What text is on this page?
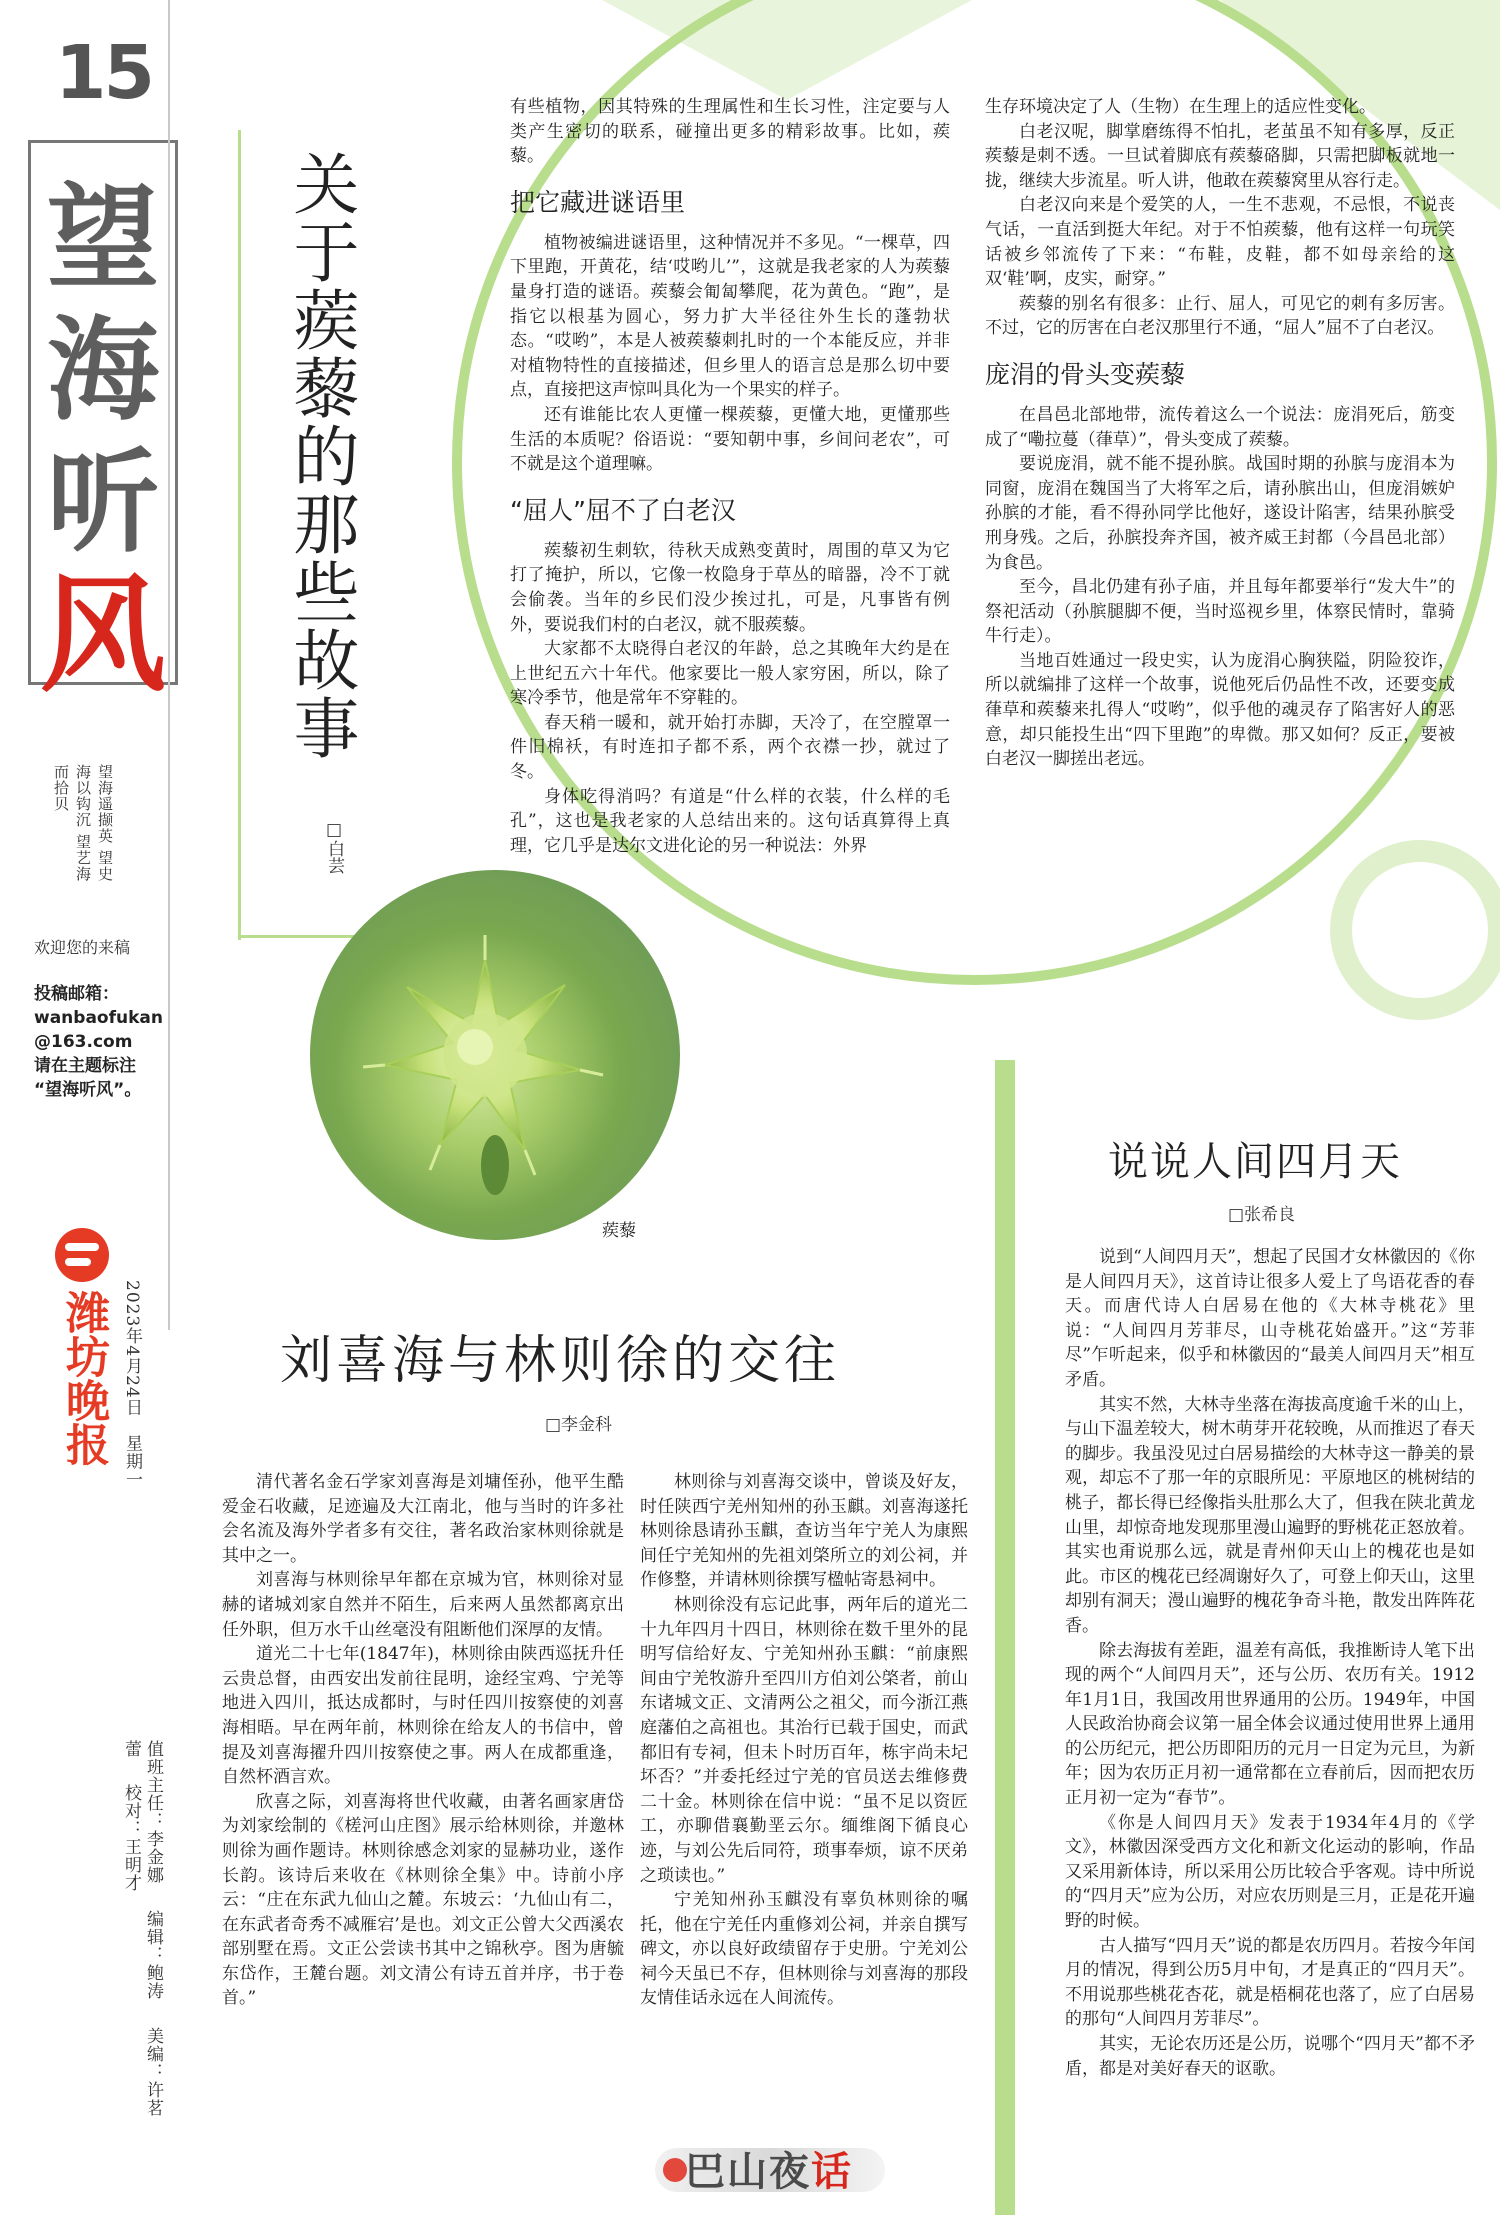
15
望
海
听
风
望海遥撷英 望史海以钩沉 望艺海而拾贝
欢迎您的来稿
投稿邮箱：
wanbaofukan
@163.com
请在主题标注
“望海听风”。
潍坊晚报 2023年4月24日　星期一
值班主任：李金娜 编辑：鲍涛 美编：许茗蕾 校对：王明才
关于蒺藜的那些故事
□白芸

有些植物，因其特殊的生理属性和生长习性，注定要与人类产生密切的联系，碰撞出更多的精彩故事。比如，蒺藜。

把它藏进谜语里

植物被编进谜语里，这种情况并不多见。“一棵草，四下里跑，开黄花，结‘哎哟儿’”，这就是我老家的人为蒺藜量身打造的谜语。蒺藜会匍匐攀爬，花为黄色。“跑”，是指它以根基为圆心，努力扩大半径往外生长的蓬勃状态。“哎哟”，本是人被蒺藜刺扎时的一个本能反应，并非对植物特性的直接描述，但乡里人的语言总是那么切中要点，直接把这声惊叫具化为一个果实的样子。

还有谁能比农人更懂一棵蒺藜，更懂大地，更懂那些生活的本质呢？俗语说：“要知朝中事，乡间问老农”，可不就是这个道理嘛。

“屈人”屈不了白老汉

蒺藜初生刺软，待秋天成熟变黄时，周围的草又为它打了掩护，所以，它像一枚隐身于草丛的暗器，冷不丁就会偷袭。当年的乡民们没少挨过扎，可是，凡事皆有例外，要说我们村的白老汉，就不服蒺藜。

大家都不太晓得白老汉的年龄，总之其晚年大约是在上世纪五六十年代。他家要比一般人家穷困，所以，除了寒冷季节，他是常年不穿鞋的。

春天稍一暖和，就开始打赤脚，天冷了，在空膛罩一件旧棉袄，有时连扣子都不系，两个衣襟一抄，就过了冬。

身体吃得消吗？有道是“什么样的衣装，什么样的毛孔”，这也是我老家的人总结出来的。这句话真算得上真理，它几乎是达尔文进化论的另一种说法：外界

生存环境决定了人（生物）在生理上的适应性变化。

白老汉呢，脚掌磨练得不怕扎，老茧虽不知有多厚，反正蒺藜是刺不透。一旦试着脚底有蒺藜硌脚，只需把脚板就地一拢，继续大步流星。听人讲，他敢在蒺藜窝里从容行走。

白老汉向来是个爱笑的人，一生不悲观，不忌恨，不说丧气话，一直活到挺大年纪。对于不怕蒺藜，他有这样一句玩笑话被乡邻流传了下来：“布鞋，皮鞋，都不如母亲给的这双‘鞋’啊，皮实，耐穿。”

蒺藜的别名有很多：止行、屈人，可见它的刺有多厉害。不过，它的厉害在白老汉那里行不通，“屈人”屈不了白老汉。

庞涓的骨头变蒺藜

在昌邑北部地带，流传着这么一个说法：庞涓死后，筋变成了“嘞拉蔓（葎草）”，骨头变成了蒺藜。

要说庞涓，就不能不提孙膑。战国时期的孙膑与庞涓本为同窗，庞涓在魏国当了大将军之后，请孙膑出山，但庞涓嫉妒孙膑的才能，看不得孙同学比他好，遂设计陷害，结果孙膑受刑身残。之后，孙膑投奔齐国，被齐威王封都（今昌邑北部）为食邑。

至今，昌北仍建有孙子庙，并且每年都要举行“发大牛”的祭祀活动（孙膑腿脚不便，当时巡视乡里，体察民情时，靠骑牛行走）。

当地百姓通过一段史实，认为庞涓心胸狭隘，阴险狡诈，所以就编排了这样一个故事，说他死后仍品性不改，还要变成葎草和蒺藜来扎得人“哎哟”，似乎他的魂灵存了陷害好人的恶意，却只能投生出“四下里跑”的卑微。那又如何？反正，要被白老汉一脚搓出老远。

蒺藜
刘喜海与林则徐的交往
□李金科

清代著名金石学家刘喜海是刘墉侄孙，他平生酷爱金石收藏，足迹遍及大江南北，他与当时的许多社会名流及海外学者多有交往，著名政治家林则徐就是其中之一。

刘喜海与林则徐早年都在京城为官，林则徐对显赫的诸城刘家自然并不陌生，后来两人虽然都离京出任外职，但万水千山丝毫没有阻断他们深厚的友情。

道光二十七年(1847年)，林则徐由陕西巡抚升任云贵总督，由西安出发前往昆明，途经宝鸡、宁羌等地进入四川，抵达成都时，与时任四川按察使的刘喜海相晤。早在两年前，林则徐在给友人的书信中，曾提及刘喜海擢升四川按察使之事。两人在成都重逢，自然杯酒言欢。

欣喜之际，刘喜海将世代收藏，由著名画家唐岱为刘家绘制的《槎河山庄图》展示给林则徐，并邀林则徐为画作题诗。林则徐感念刘家的显赫功业，遂作长韵。该诗后来收在《林则徐全集》中。诗前小序云：“庄在东武九仙山之麓。东坡云：‘九仙山有二，在东武者奇秀不减雁宕’是也。刘文正公曾大父西溪农部别墅在焉。文正公尝读书其中之锦秋亭。图为唐毓东岱作，王麓台题。刘文清公有诗五首并序，书于卷首。”

林则徐与刘喜海交谈中，曾谈及好友，时任陕西宁羌州知州的孙玉麒。刘喜海遂托林则徐恳请孙玉麒，查访当年宁羌人为康熙间任宁羌知州的先祖刘棨所立的刘公祠，并作修整，并请林则徐撰写楹帖寄悬祠中。

林则徐没有忘记此事，两年后的道光二十九年四月十四日，林则徐在数千里外的昆明写信给好友、宁羌知州孙玉麒：“前康熙间由宁羌牧游升至四川方伯刘公棨者，前山东诸城文正、文清两公之祖父，而今浙江燕庭藩伯之高祖也。其治行已载于国史，而武都旧有专祠，但未卜时历百年，栋宇尚未圮坏否？”并委托经过宁羌的官员送去维修费二十金。林则徐在信中说：“虽不足以资匠工，亦聊借襄勤垩云尔。缅维阁下循良心迹，与刘公先后同符，琐事奉烦，谅不厌弟之琐读也。”

宁羌知州孙玉麒没有辜负林则徐的嘱托，他在宁羌任内重修刘公祠，并亲自撰写碑文，亦以良好政绩留存于史册。宁羌刘公祠今天虽已不存，但林则徐与刘喜海的那段友情佳话永远在人间流传。

巴山夜话
说说人间四月天
□张希良

说到“人间四月天”，想起了民国才女林徽因的《你是人间四月天》，这首诗让很多人爱上了鸟语花香的春天。而唐代诗人白居易在他的《大林寺桃花》里说：“人间四月芳菲尽，山寺桃花始盛开。”这“芳菲尽”乍听起来，似乎和林徽因的“最美人间四月天”相互矛盾。

其实不然，大林寺坐落在海拔高度逾千米的山上，与山下温差较大，树木萌芽开花较晚，从而推迟了春天的脚步。我虽没见过白居易描绘的大林寺这一静美的景观，却忘不了那一年的京眼所见：平原地区的桃树结的桃子，都长得已经像指头肚那么大了，但我在陕北黄龙山里，却惊奇地发现那里漫山遍野的野桃花正怒放着。其实也甭说那么远，就是青州仰天山上的槐花也是如此。市区的槐花已经凋谢好久了，可登上仰天山，这里却别有洞天；漫山遍野的槐花争奇斗艳，散发出阵阵花香。

除去海拔有差距，温差有高低，我推断诗人笔下出现的两个“人间四月天”，还与公历、农历有关。1912年1月1日，我国改用世界通用的公历。1949年，中国人民政治协商会议第一届全体会议通过使用世界上通用的公历纪元，把公历即阳历的元月一日定为元旦，为新年；因为农历正月初一通常都在立春前后，因而把农历正月初一定为“春节”。

《你是人间四月天》发表于1934年4月的《学文》，林徽因深受西方文化和新文化运动的影响，作品又采用新体诗，所以采用公历比较合乎客观。诗中所说的“四月天”应为公历，对应农历则是三月，正是花开遍野的时候。

古人描写“四月天”说的都是农历四月。若按今年闰月的情况，得到公历5月中旬，才是真正的“四月天”。不用说那些桃花杏花，就是梧桐花也落了，应了白居易的那句“人间四月芳菲尽”。

其实，无论农历还是公历，说哪个“四月天”都不矛盾，都是对美好春天的讴歌。
